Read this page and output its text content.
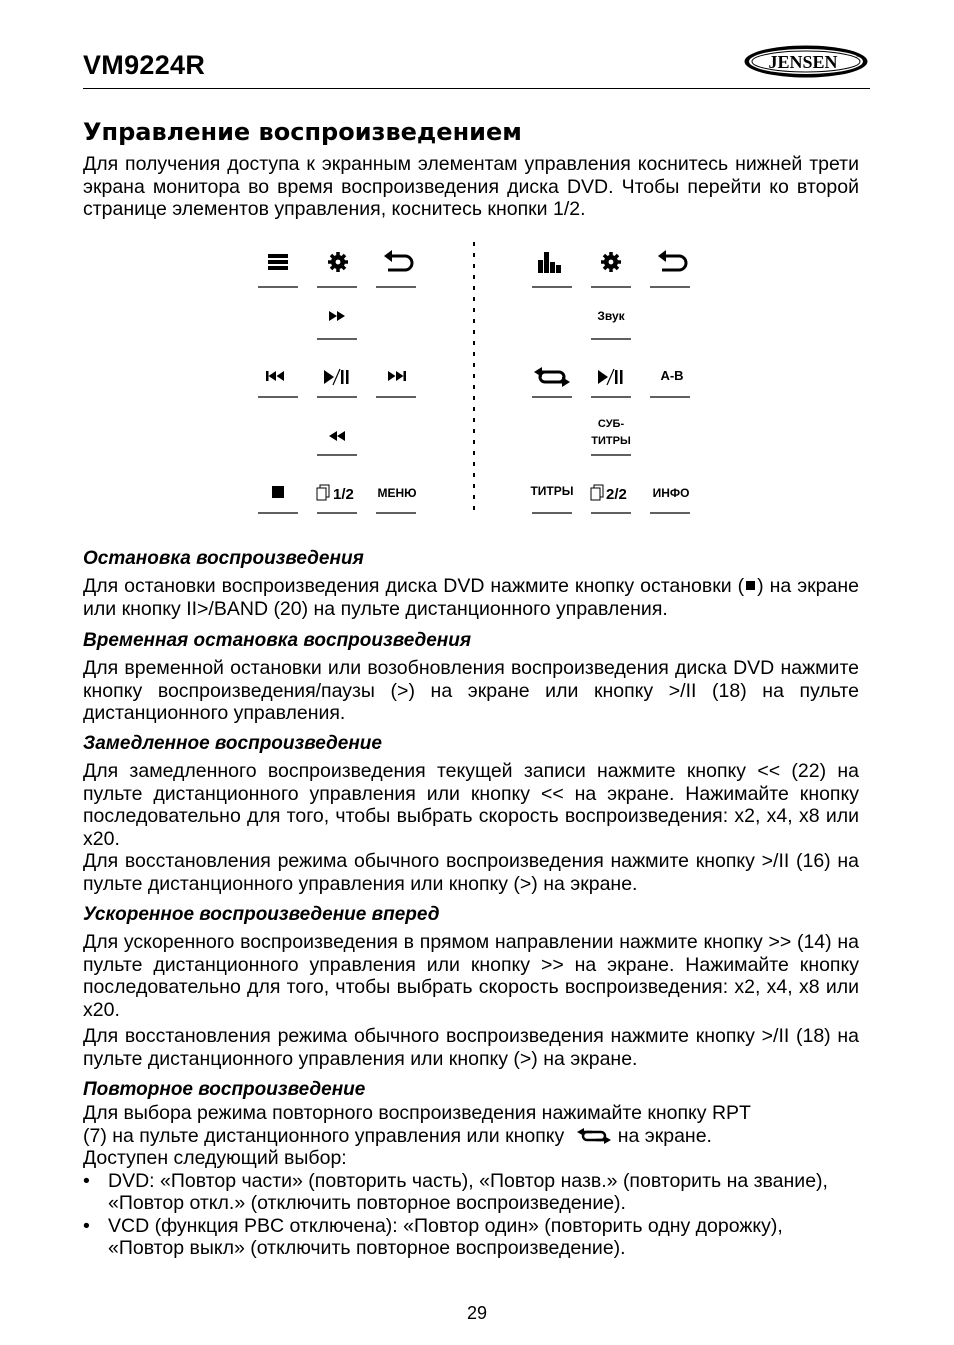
VM9224R	JENSEN	®
Управление воспроизведением
Для получения доступа к экранным элементам управления коснитесь нижней трети экрана монитора во время воспроизведения диска DVD. Чтобы перейти ко второй странице элементов управления, коснитесь кнопки 1/2.
1/2 МЕНЮ
Звук
A-B
СУБ-
ТИТРЫ
ТИТРЫ 2/2 ИНФО
Остановка воспроизведения
Для остановки воспроизведения диска DVD нажмите кнопку остановки ( ) на экране или кнопку II>/BAND (20) на пульте дистанционного управления.
Временная остановка воспроизведения
Для временной остановки или возобновления воспроизведения диска DVD нажмите кнопку воспроизведения/паузы (>) на экране или кнопку >/II (18) на пульте дистанционного управления.
Замедленное воспроизведение
Для замедленного воспроизведения текущей записи нажмите кнопку << (22) на пульте дистанционного управления или кнопку << на экране. Нажимайте кнопку последовательно для того, чтобы выбрать скорость воспроизведения: x2, x4, x8 или x20.
Для восстановления режима обычного воспроизведения нажмите кнопку >/II (16) на пульте дистанционного управления или кнопку (>) на экране.
Ускоренное воспроизведение вперед
Для ускоренного воспроизведения в прямом направлении нажмите кнопку >> (14) на пульте дистанционного управления или кнопку >> на экране. Нажимайте кнопку последовательно для того, чтобы выбрать скорость воспроизведения: x2, x4, x8 или x20.
Для восстановления режима обычного воспроизведения нажмите кнопку >/II (18) на пульте дистанционного управления или кнопку (>) на экране.
Повторное воспроизведение
Для выбора режима повторного воспроизведения нажимайте кнопку RPT
(7) на пульте дистанционного управления или кнопку	на экране.
Доступен следующий выбор:
• DVD: «Повтор части» (повторить часть), «Повтор назв.» (повторить на звание), «Повтор откл.» (отключить повторное воспроизведение).
• VCD (функция PBC отключена): «Повтор один» (повторить одну дорожку), «Повтор выкл» (отключить повторное воспроизведение).
29
